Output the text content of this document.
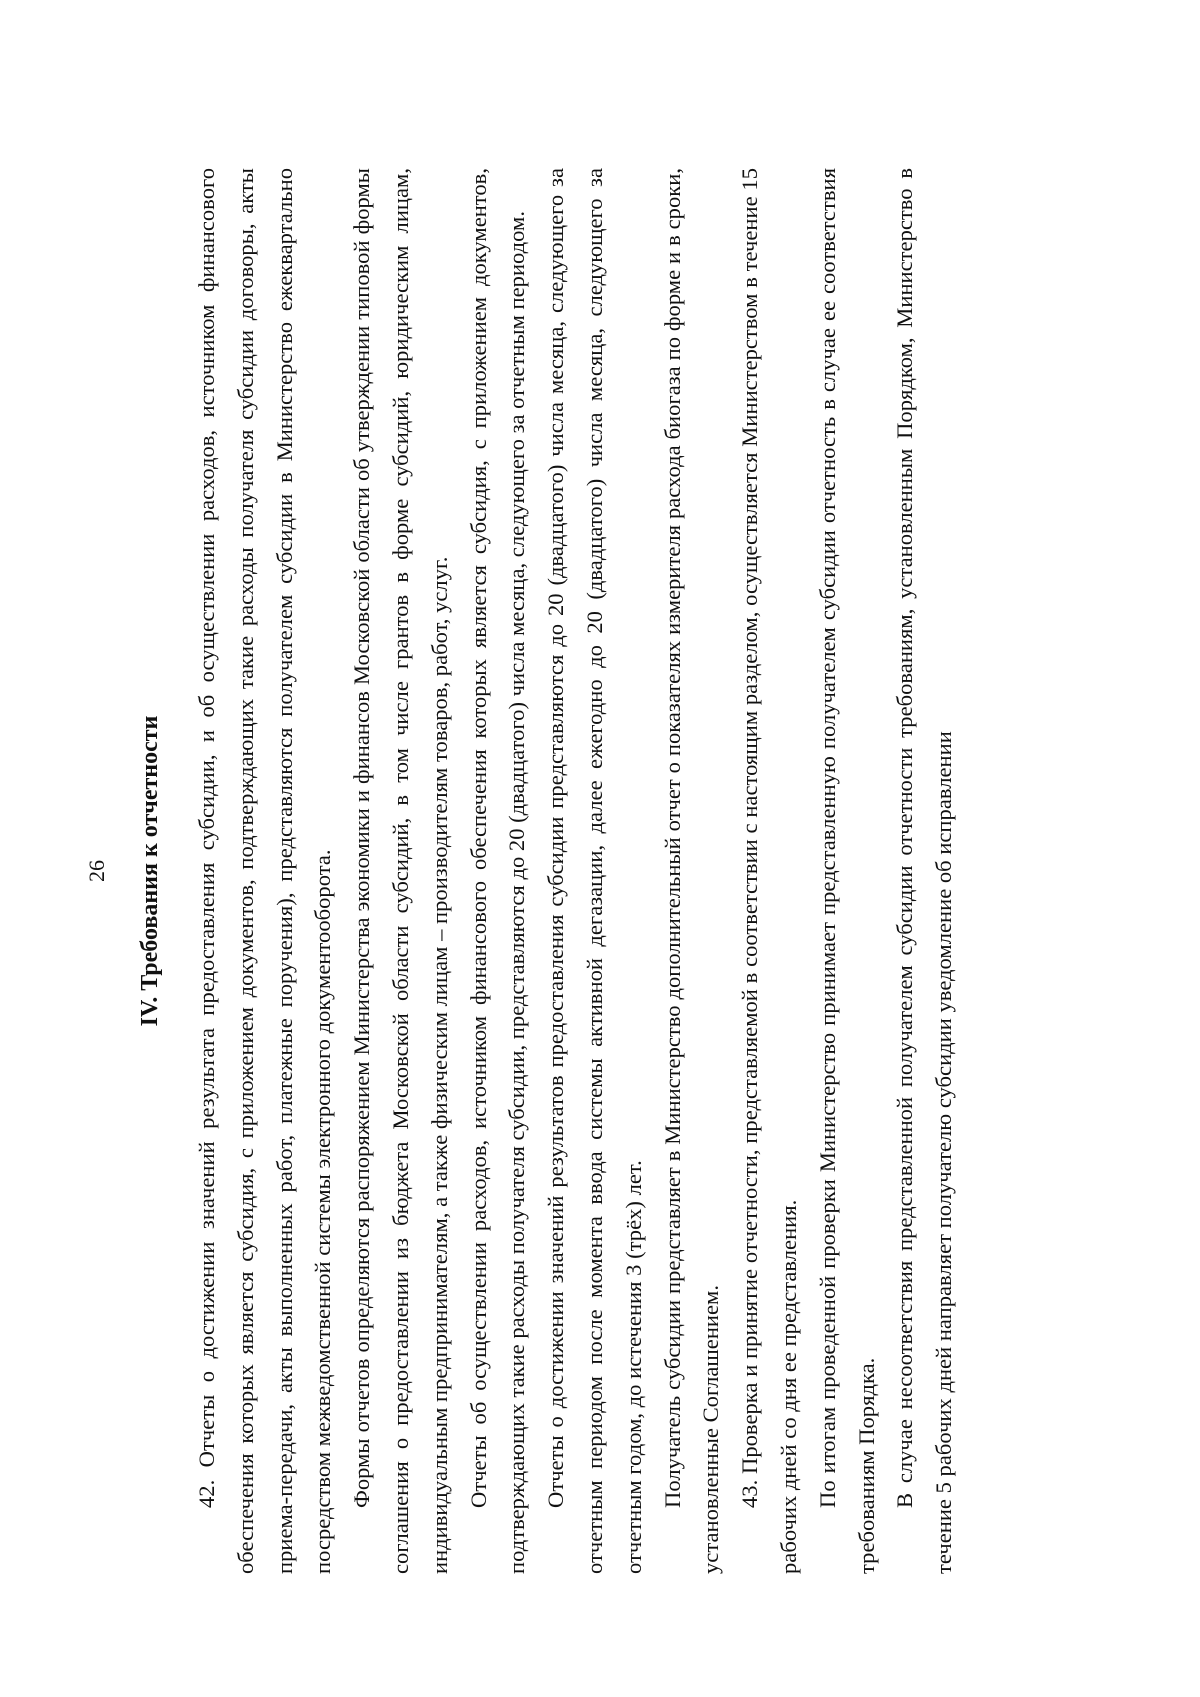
26 IV. Требования к отчетности 42. Отчеты о достижении значений результата предоставления субсидии, и об осуществлении расходов, источником финансового обеспечения которых является субсидия, с приложением документов, подтверждающих такие расходы получателя субсидии договоры, акты приема-передачи, акты выполненных работ, платежные поручения), представляются получателем субсидии в Министерство ежеквартально посредством межведомственной системы электронного документооборота. Формы отчетов определяются распоряжением Министерства экономики и финансов Московской области об утверждении типовой формы соглашения о предоставлении из бюджета Московской области субсидий, в том числе грантов в форме субсидий, юридическим лицам, индивидуальным предпринимателям, а также физическим лицам – производителям товаров, работ, услуг. Отчеты об осуществлении расходов, источником финансового обеспечения которых является субсидия, с приложением документов, подтверждающих такие расходы получателя субсидии, представляются до 20 (двадцатого) числа месяца, следующего за отчетным периодом. Отчеты о достижении значений результатов предоставления субсидии представляются до 20 (двадцатого) числа месяца, следующего за отчетным периодом после момента ввода системы активной дегазации, далее ежегодно до 20 (двадцатого) числа месяца, следующего за отчетным годом, до истечения 3 (трёх) лет. Получатель субсидии представляет в Министерство дополнительный отчет о показателях измерителя расхода биогаза по форме и в сроки, установленные Соглашением. 43. Проверка и принятие отчетности, представляемой в соответствии с настоящим разделом, осуществляется Министерством в течение 15 рабочих дней со дня ее представления. По итогам проведенной проверки Министерство принимает представленную получателем субсидии отчетность в случае ее соответствия требованиям Порядка. В случае несоответствия представленной получателем субсидии отчетности требованиям, установленным Порядком, Министерство в течение 5 рабочих дней направляет получателю субсидии уведомление об исправлении
